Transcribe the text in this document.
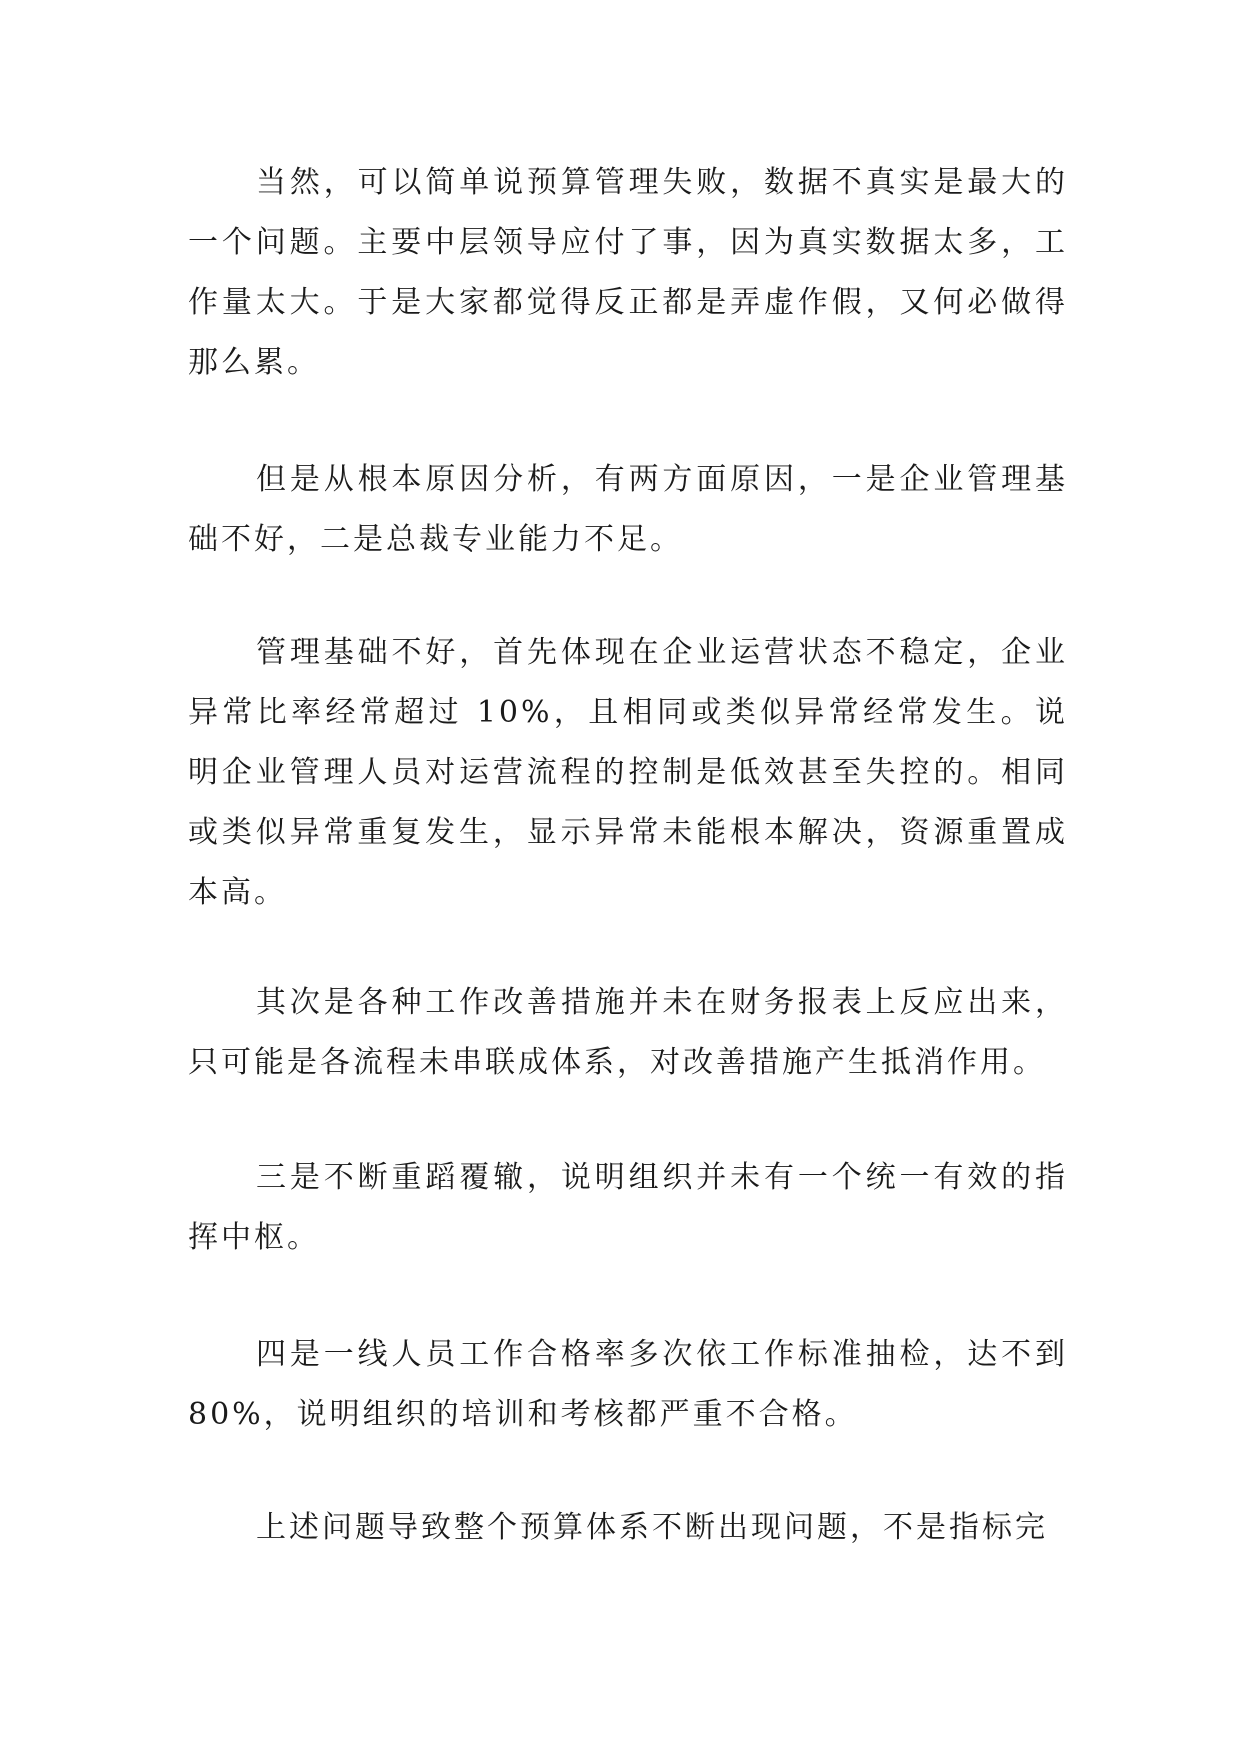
当然，可以简单说预算管理失败，数据不真实是最大的一个问题。主要中层领导应付了事，因为真实数据太多，工作量太大。于是大家都觉得反正都是弄虚作假，又何必做得那么累。

但是从根本原因分析，有两方面原因，一是企业管理基础不好，二是总裁专业能力不足。

管理基础不好，首先体现在企业运营状态不稳定，企业异常比率经常超过 10%，且相同或类似异常经常发生。说明企业管理人员对运营流程的控制是低效甚至失控的。相同或类似异常重复发生，显示异常未能根本解决，资源重置成本高。

其次是各种工作改善措施并未在财务报表上反应出来，只可能是各流程未串联成体系，对改善措施产生抵消作用。

三是不断重蹈覆辙，说明组织并未有一个统一有效的指挥中枢。

四是一线人员工作合格率多次依工作标准抽检，达不到 80%，说明组织的培训和考核都严重不合格。

上述问题导致整个预算体系不断出现问题，不是指标完
